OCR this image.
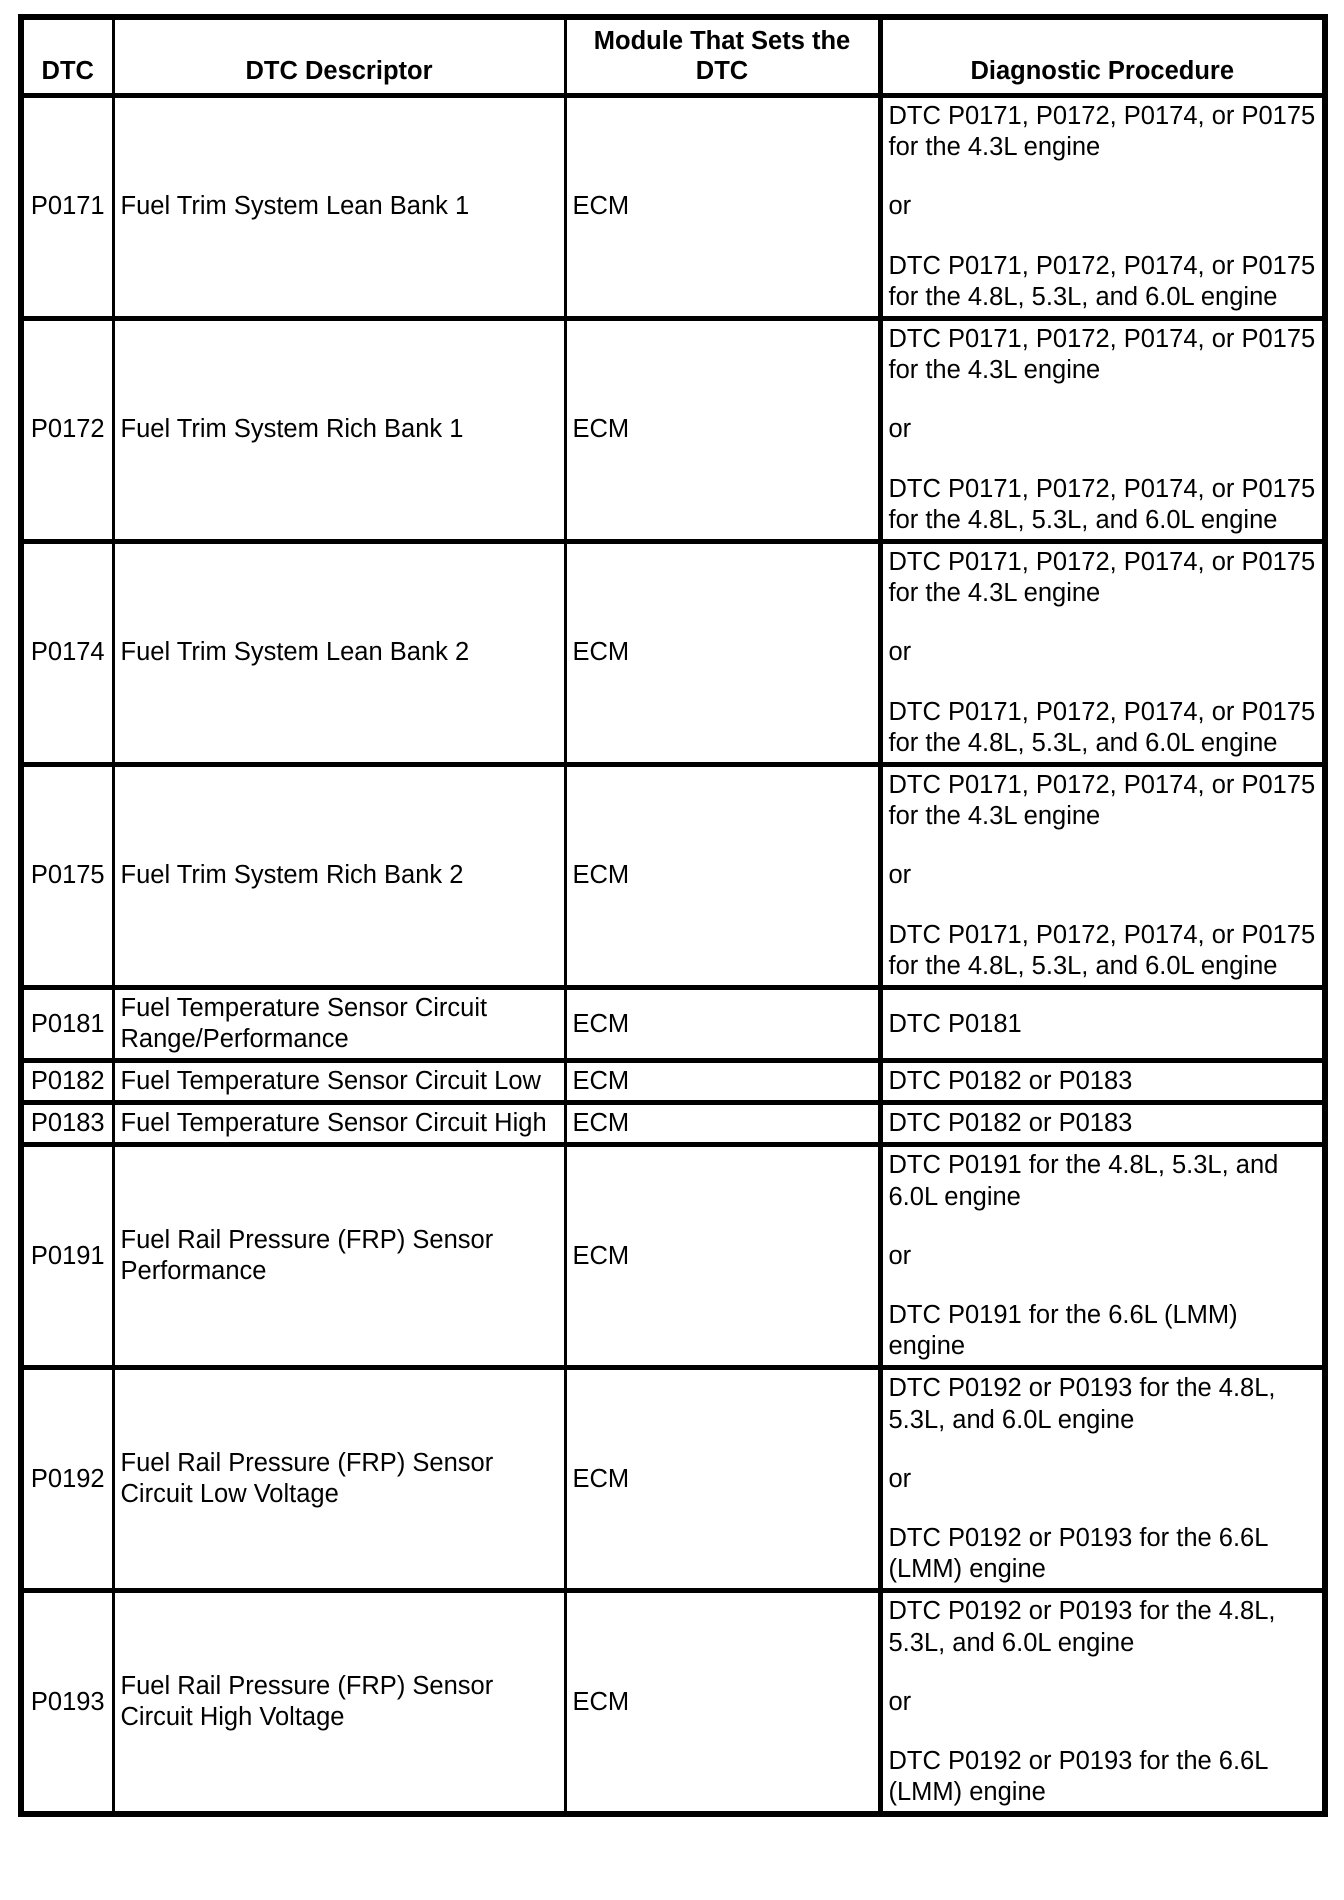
DTC	DTC Descriptor	Module That Sets the DTC	Diagnostic Procedure
P0171	Fuel Trim System Lean Bank 1	ECM	DTC P0171, P0172, P0174, or P0175 for the 4.3L engine
or
DTC P0171, P0172, P0174, or P0175 for the 4.8L, 5.3L, and 6.0L engine

P0172	Fuel Trim System Rich Bank 1	ECM	DTC P0171, P0172, P0174, or P0175 for the 4.3L engine
or
DTC P0171, P0172, P0174, or P0175 for the 4.8L, 5.3L, and 6.0L engine

P0174	Fuel Trim System Lean Bank 2	ECM	DTC P0171, P0172, P0174, or P0175 for the 4.3L engine
or
DTC P0171, P0172, P0174, or P0175 for the 4.8L, 5.3L, and 6.0L engine

P0175	Fuel Trim System Rich Bank 2	ECM	DTC P0171, P0172, P0174, or P0175 for the 4.3L engine
or
DTC P0171, P0172, P0174, or P0175 for the 4.8L, 5.3L, and 6.0L engine

P0181	Fuel Temperature Sensor Circuit Range/Performance	ECM	DTC P0181

P0182	Fuel Temperature Sensor Circuit Low	ECM	DTC P0182 or P0183

P0183	Fuel Temperature Sensor Circuit High	ECM	DTC P0182 or P0183

P0191	Fuel Rail Pressure (FRP) Sensor Performance	ECM	DTC P0191 for the 4.8L, 5.3L, and 6.0L engine
or
DTC P0191 for the 6.6L (LMM) engine

P0192	Fuel Rail Pressure (FRP) Sensor Circuit Low Voltage	ECM	DTC P0192 or P0193 for the 4.8L, 5.3L, and 6.0L engine
or
DTC P0192 or P0193 for the 6.6L (LMM) engine

P0193	Fuel Rail Pressure (FRP) Sensor Circuit High Voltage	ECM	DTC P0192 or P0193 for the 4.8L, 5.3L, and 6.0L engine
or
DTC P0192 or P0193 for the 6.6L (LMM) engine
